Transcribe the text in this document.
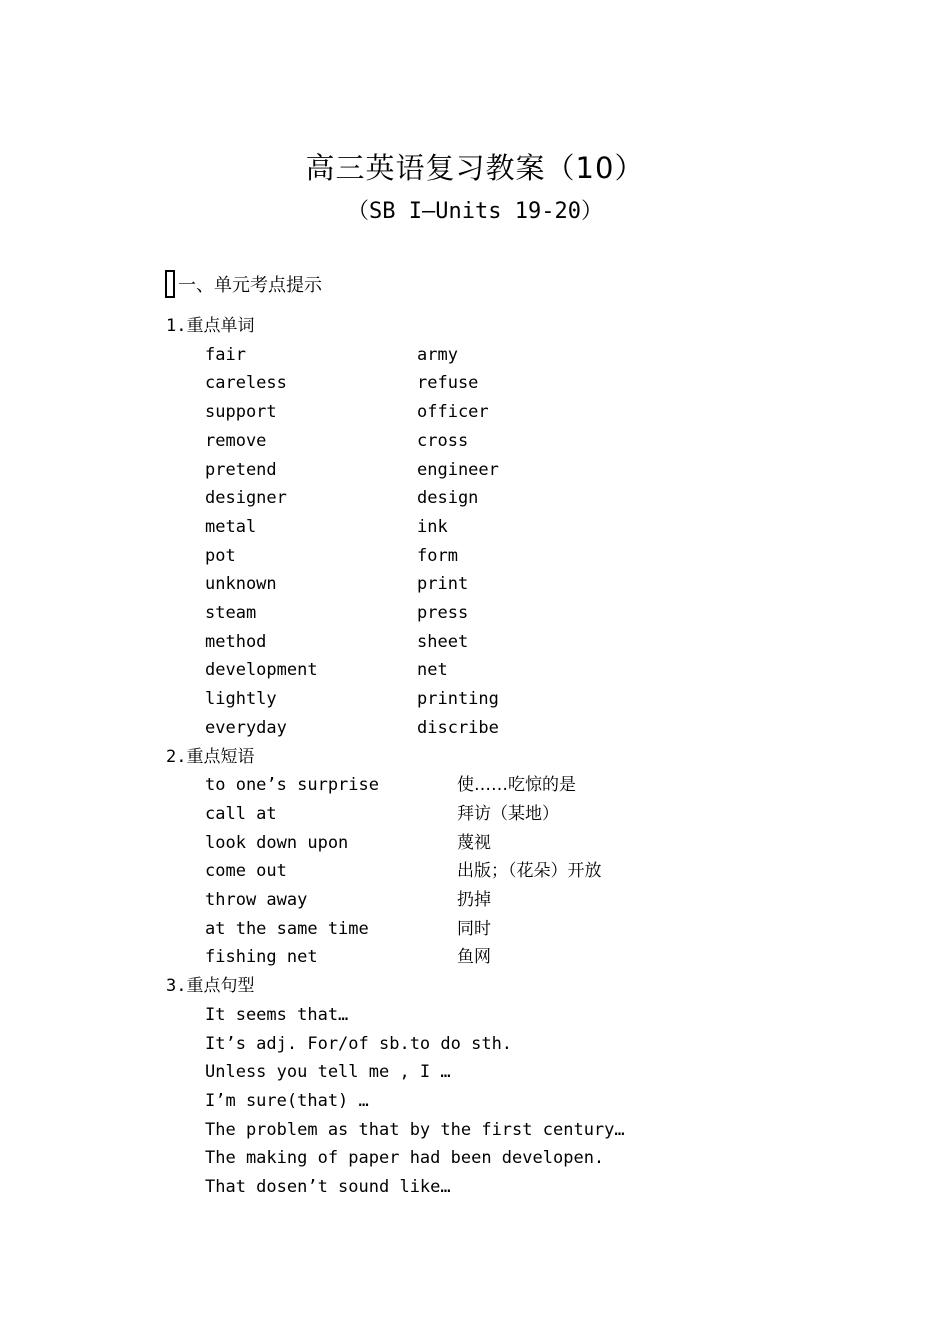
高三英语复习教案（10）
（SB I—Units 19-20）
一、单元考点提示
1.重点单词
fair	army
careless	refuse
support	officer
remove	cross
pretend	engineer
designer	design
metal	ink
pot	form
unknown	print
steam	press
method	sheet
development	net
lightly	printing
everyday	discribe
2.重点短语
to one’s surprise	使……吃惊的是
call at	拜访（某地）
look down upon	蔑视
come out	出版；（花朵）开放
throw away	扔掉
at the same time	同时
fishing net	鱼网
3.重点句型
It seems that…
It’s adj. For/of sb.to do sth.
Unless you tell me , I …
I’m sure(that) …
The problem as that by the first century…
The making of paper had been developen.
That dosen’t sound like…
